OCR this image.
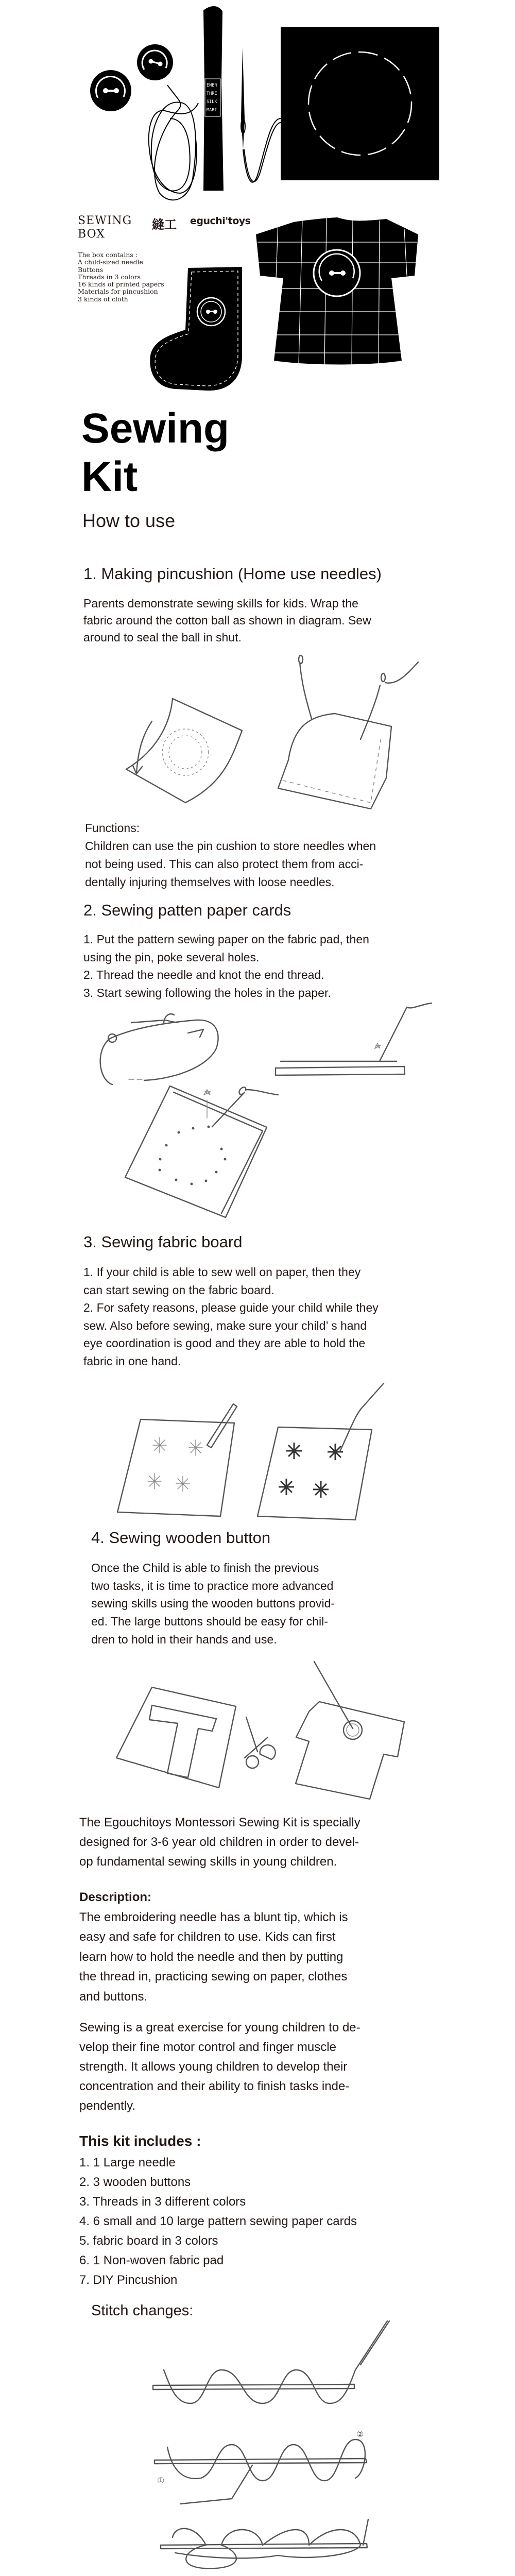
ENBR
THRE
SILK
MARI
SEWING
BOX
縫工 eguchi'toys
The box contains :
A child-sized needle
Buttons
Threads in 3 colors
16 kinds of printed papers
Materials for pincushion
3 kinds of cloth
Sewing
Kit
How to use
1. Making pincushion (Home use needles)
Parents demonstrate sewing skills for kids. Wrap the
fabric around the cotton ball as shown in diagram. Sew
around to seal the ball in shut.
Functions:
Children can use the pin cushion to store needles when
not being used. This can also protect them from acci-
dentally injuring themselves with loose needles.
2. Sewing patten paper cards
1. Put the pattern sewing paper on the fabric pad, then
using the pin, poke several holes.
2. Thread the needle and knot the end thread.
3. Start sewing following the holes in the paper.
3. Sewing fabric board
1. If your child is able to sew well on paper, then they
can start sewing on the fabric board.
2. For safety reasons, please guide your child while they
sew. Also before sewing, make sure your child’ s hand
eye coordination is good and they are able to hold the
fabric in one hand.
4. Sewing wooden button
Once the Child is able to finish the previous
two tasks, it is time to practice more advanced
sewing skills using the wooden buttons provid-
ed. The large buttons should be easy for chil-
dren to hold in their hands and use.
The Egouchitoys Montessori Sewing Kit is specially
designed for 3-6 year old children in order to devel-
op fundamental sewing skills in young children.
Description:
The embroidering needle has a blunt tip, which is
easy and safe for children to use. Kids can first
learn how to hold the needle and then by putting
the thread in, practicing sewing on paper, clothes
and buttons.
Sewing is a great exercise for young children to de-
velop their fine motor control and finger muscle
strength. It allows young children to develop their
concentration and their ability to finish tasks inde-
pendently.
This kit includes :
1. 1 Large needle
2. 3 wooden buttons
3. Threads in 3 different colors
4. 6 small and 10 large pattern sewing paper cards
5. fabric board in 3 colors
6. 1 Non-woven fabric pad
7. DIY Pincushion
Stitch changes:
①
②
